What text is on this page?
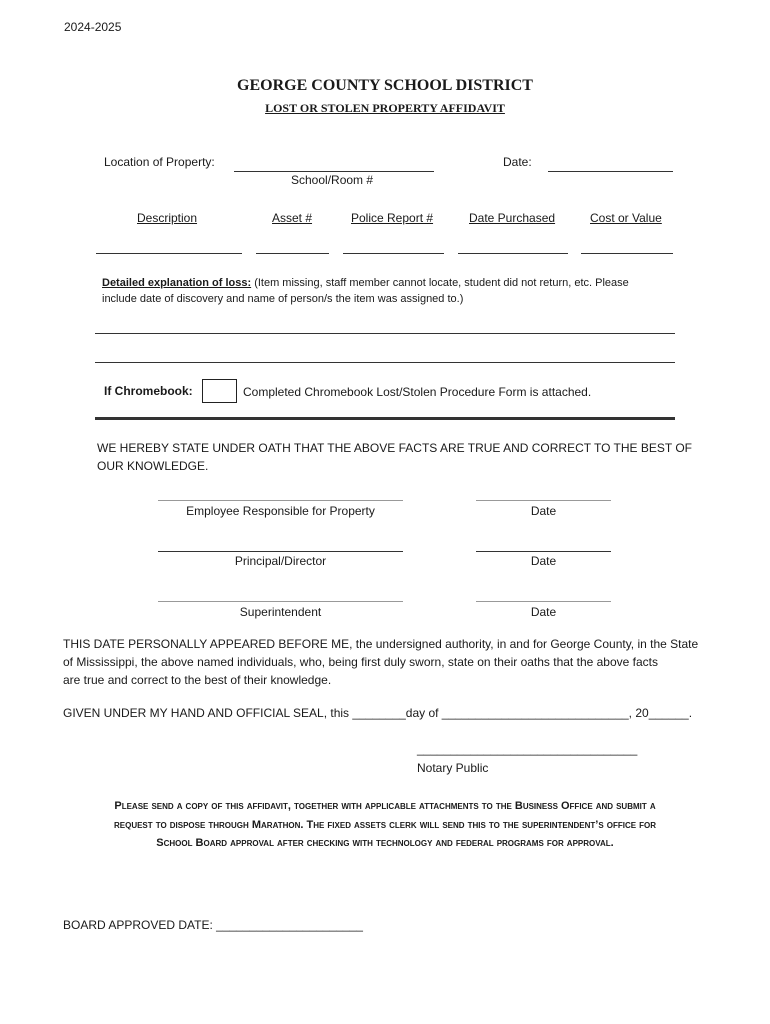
2024-2025
GEORGE COUNTY SCHOOL DISTRICT
LOST OR STOLEN PROPERTY AFFIDAVIT
Location of Property:
School/Room #
Date:
Description	Asset #	Police Report #	Date Purchased	Cost or Value
Detailed explanation of loss: (Item missing, staff member cannot locate, student did not return, etc. Please
include date of discovery and name of person/s the item was assigned to.)
If Chromebook:	Completed Chromebook Lost/Stolen Procedure Form is attached.
WE HEREBY STATE UNDER OATH THAT THE ABOVE FACTS ARE TRUE AND CORRECT TO THE BEST OF
OUR KNOWLEDGE.
Employee Responsible for Property	Date
Principal/Director	Date
Superintendent	Date
THIS DATE PERSONALLY APPEARED BEFORE ME, the undersigned authority, in and for George County, in the State
of Mississippi, the above named individuals, who, being first duly sworn, state on their oaths that the above facts
are true and correct to the best of their knowledge.
GIVEN UNDER MY HAND AND OFFICIAL SEAL, this ________day of ____________________________, 20______.
_________________________________
Notary Public
Please send a copy of this affidavit, together with applicable attachments to the Business Office and submit a
request to dispose through Marathon. The fixed assets clerk will send this to the superintendent’s office for
School Board approval after checking with technology and federal programs for approval.
BOARD APPROVED DATE: ______________________
